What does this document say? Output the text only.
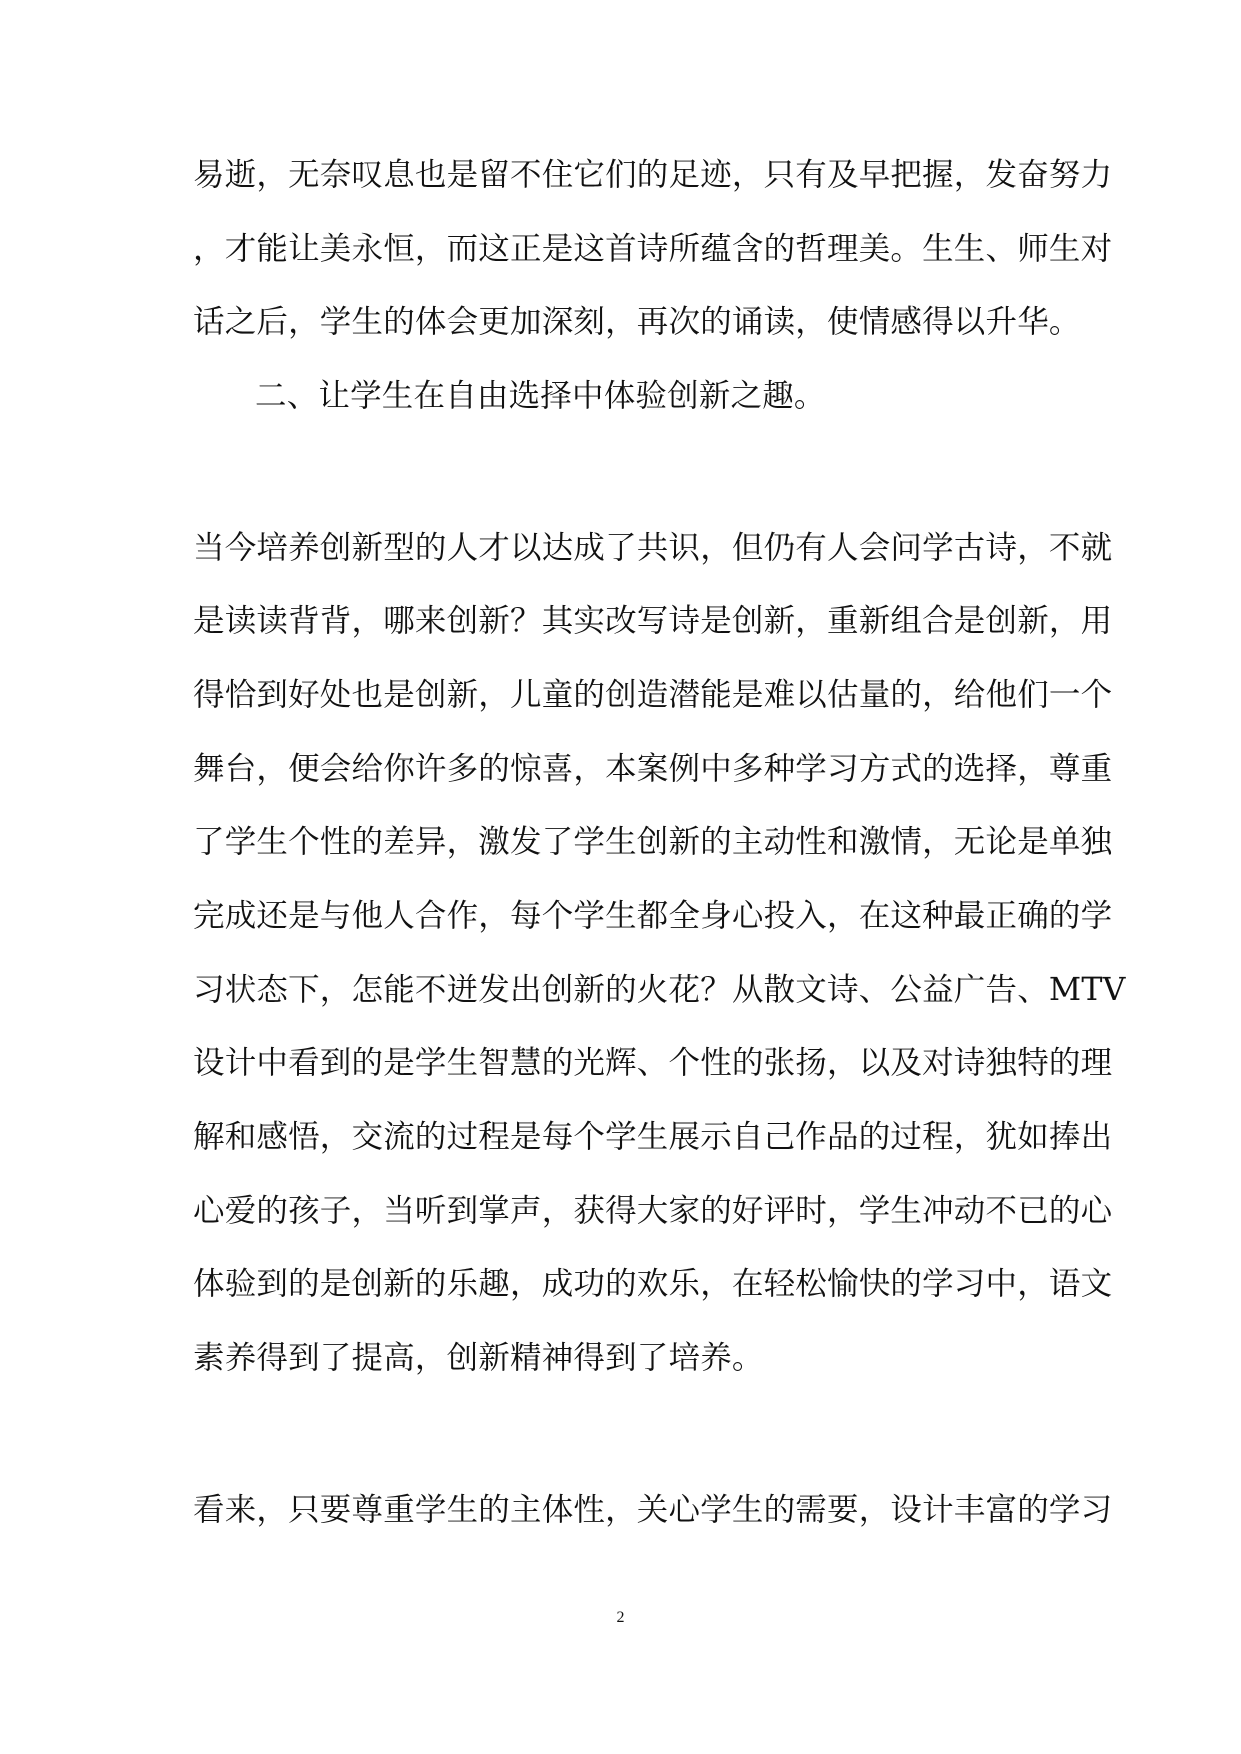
易逝，无奈叹息也是留不住它们的足迹，只有及早把握，发奋努力
，才能让美永恒，而这正是这首诗所蕴含的哲理美。生生、师生对
话之后，学生的体会更加深刻，再次的诵读，使情感得以升华。
二、让学生在自由选择中体验创新之趣。
当今培养创新型的人才以达成了共识，但仍有人会问学古诗，不就
是读读背背，哪来创新？其实改写诗是创新，重新组合是创新，用
得恰到好处也是创新，儿童的创造潜能是难以估量的，给他们一个
舞台，便会给你许多的惊喜，本案例中多种学习方式的选择，尊重
了学生个性的差异，激发了学生创新的主动性和激情，无论是单独
完成还是与他人合作，每个学生都全身心投入，在这种最正确的学
习状态下，怎能不迸发出创新的火花？从散文诗、公益广告、MTV
设计中看到的是学生智慧的光辉、个性的张扬，以及对诗独特的理
解和感悟，交流的过程是每个学生展示自己作品的过程，犹如捧出
心爱的孩子，当听到掌声，获得大家的好评时，学生冲动不已的心
体验到的是创新的乐趣，成功的欢乐，在轻松愉快的学习中，语文
素养得到了提高，创新精神得到了培养。
看来，只要尊重学生的主体性，关心学生的需要，设计丰富的学习
2
